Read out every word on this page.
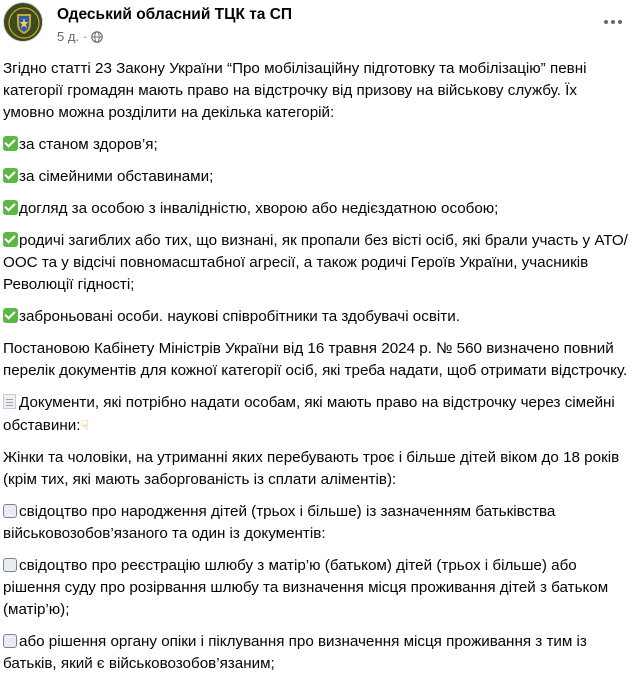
Одеський обласний ТЦК та СП
5 д. ·

Згідно статті 23 Закону України “Про мобілізаційну підготовку та мобілізацію” певні категорії громадян мають право на відстрочку від призову на військову службу. Їх умовно можна розділити на декілька категорій:

за станом здоров’я;

за сімейними обставинами;

догляд за особою з інвалідністю, хворою або недієздатною особою;

родичі загиблих або тих, що визнані, як пропали без вісті осіб, які брали участь у АТО/ООС та у відсічі повномасштабної агресії, а також родичі Героїв України, учасників Революції гідності;

заброньовані особи. наукові співробітники та здобувачі освіти.

Постановою Кабінету Міністрів України від 16 травня 2024 р. № 560 визначено повний перелік документів для кожної категорії осіб, які треба надати, щоб отримати відстрочку.

Документи, які потрібно надати особам, які мають право на відстрочку через сімейні обставини:☟

Жінки та чоловіки, на утриманні яких перебувають троє і більше дітей віком до 18 років (крім тих, які мають заборгованість із сплати аліментів):

свідоцтво про народження дітей (трьох і більше) із зазначенням батьківства військовозобов’язаного та один із документів:

свідоцтво про реєстрацію шлюбу з матір’ю (батьком) дітей (трьох і більше) або рішення суду про розірвання шлюбу та визначення місця проживання дітей з батьком (матір’ю);

або рішення органу опіки і піклування про визначення місця проживання з тим із батьків, який є військовозобов’язаним;
